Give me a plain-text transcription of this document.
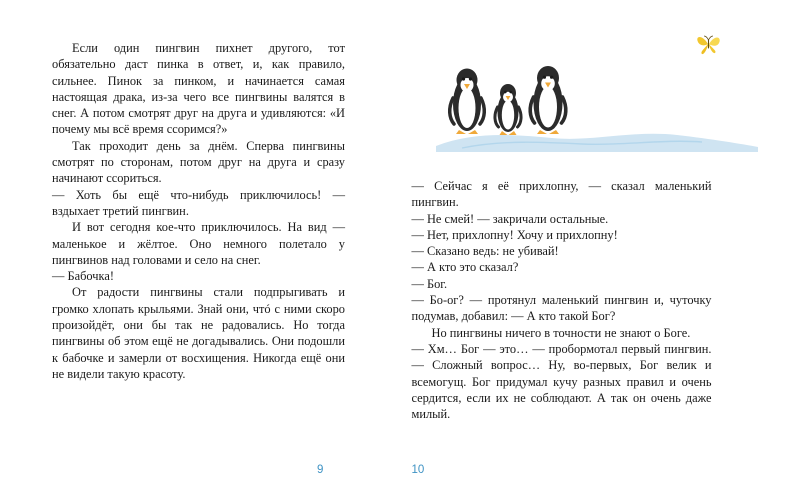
Если один пингвин пихнет другого, тот обязательно даст пинка в ответ, и, как правило, сильнее. Пинок за пинком, и начинается самая настоящая драка, из-за чего все пингвины валятся в снег. А потом смотрят друг на друга и удивляются: «И почему мы всё время ссоримся?»

Так проходит день за днём. Сперва пингвины смотрят по сторонам, потом друг на друга и сразу начинают ссориться.

— Хоть бы ещё что-нибудь приключилось! — вздыхает третий пингвин.

И вот сегодня кое-что приключилось. На вид — маленькое и жёлтое. Оно немного полетало у пингвинов над головами и село на снег.

— Бабочка!

От радости пингвины стали подпрыгивать и громко хлопать крыльями. Знай они, чтó с ними скоро произойдёт, они бы так не радовались. Но тогда пингвины об этом ещё не догадывались. Они подошли к бабочке и замерли от восхищения. Никогда ещё они не видели такую красоту.

9

— Сейчас я её прихлопну, — сказал маленький пингвин.

— Не смей! — закричали остальные.

— Нет, прихлопну! Хочу и прихлопну!

— Сказано ведь: не убивай!

— А кто это сказал?

— Бог.

— Бо-ог? — протянул маленький пингвин и, чуточку подумав, добавил: — А кто такой Бог?

Но пингвины ничего в точности не знают о Боге.

— Хм… Бог — это… — пробормотал первый пингвин. — Сложный вопрос… Ну, во-первых, Бог велик и всемогущ. Бог придумал кучу разных правил и очень сердится, если их не соблюдают. А так он очень даже милый.

10
